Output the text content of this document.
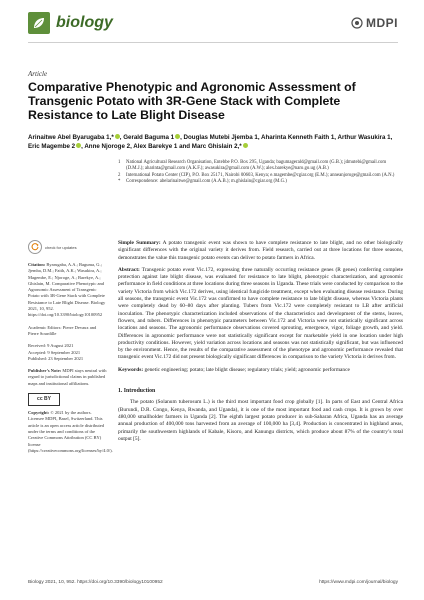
biology	MDPI
Article
Comparative Phenotypic and Agronomic Assessment of Transgenic Potato with 3R-Gene Stack with Complete Resistance to Late Blight Disease
Arinaitwe Abel Byarugaba 1,* , Gerald Baguma 1 , Douglas Mutebi Jjemba 1, Aharinta Kenneth Faith 1, Arthur Wasukira 1, Eric Magembe 2 , Anne Njoroge 2, Alex Barekye 1 and Marc Ghislain 2,*
1	National Agricultural Research Organisation, Entebbe P.O. Box 295, Uganda; bagumagerald@gmail.com (G.B.); jdmutebi@gmail.com (D.M.J.); aharinta@gmail.com (A.K.F.); awasukira@gmail.com (A.W.); alex.barekye@naro.go.ug (A.B.)
2	International Potato Center (CIP), P.O. Box 25171, Nairobi 00603, Kenya; e.magembe@cgiar.org (E.M.); anneanjoroge@gmail.com (A.N.)
*	Correspondence: abelarinaitwe@gmail.com (A.A.B.); m.ghislain@cgiar.org (M.G.)
check for updates
Citation: Byarugaba, A.A.; Baguma, G.; Jjemba, D.M.; Faith, A.K.; Wasukira, A.; Magembe, E.; Njoroge, A.; Barekye, A.; Ghislain, M. Comparative Phenotypic and Agronomic Assessment of Transgenic Potato with 3R-Gene Stack with Complete Resistance to Late Blight Disease. Biology 2021, 10, 952. https://doi.org/10.3390/biology10100952
Academic Editors: Pierre Devaux and Pierre Sourdille
Received: 9 August 2021
Accepted: 9 September 2021
Published: 23 September 2021
Publisher’s Note: MDPI stays neutral with regard to jurisdictional claims in published maps and institutional affiliations.
cc BY
Copyright: © 2021 by the authors. Licensee MDPI, Basel, Switzerland. This article is an open access article distributed under the terms and conditions of the Creative Commons Attribution (CC BY) license (https://creativecommons.org/licenses/by/4.0/).

Simple Summary: A potato transgenic event was shown to have complete resistance to late blight, and no other biologically significant differences with the original variety it derives from. Field research, carried out at three locations for three seasons, demonstrates the value this transgenic potato events can deliver to potato farmers in Africa.

Abstract: Transgenic potato event Vic.172, expressing three naturally occurring resistance genes (R genes) conferring complete protection against late blight disease, was evaluated for resistance to late blight, phenotypic characterization, and agronomic performance in field conditions at three locations during three seasons in Uganda. These trials were conducted by comparison to the variety Victoria from which Vic.172 derives, using identical fungicide treatment, except when evaluating disease resistance. During all seasons, the transgenic event Vic.172 was confirmed to have complete resistance to late blight disease, whereas Victoria plants were completely dead by 60–80 days after planting. Tubers from Vic.172 were completely resistant to LB after artificial inoculation. The phenotypic characterization included observations of the characteristics and development of the stems, leaves, flowers, and tubers. Differences in phenotypic parameters between Vic.172 and Victoria were not statistically significant across locations and seasons. The agronomic performance observations covered sprouting, emergence, vigor, foliage growth, and yield. Differences in agronomic performance were not statistically significant except for marketable yield in one location under high productivity conditions. However, yield variation across locations and seasons was not statistically significant, but was influenced by the environment. Hence, the results of the comparative assessment of the phenotype and agronomic performance revealed that transgenic event Vic.172 did not present biologically significant differences in comparison to the variety Victoria it derives from.

Keywords: genetic engineering; potato; late blight disease; regulatory trials; yield; agronomic performance

1. Introduction

The potato (Solanum tuberosum L.) is the third most important food crop globally [1]. In parts of East and Central Africa (Burundi, D.R. Congo, Kenya, Rwanda, and Uganda), it is one of the most important food and cash crops. It is grown by over 480,000 smallholder farmers in Uganda [2]. The eighth largest potato producer in sub-Saharan Africa, Uganda has an average annual production of 400,000 tons harvested from an average of 100,000 ha [3,4]. Production is concentrated in highland areas, primarily the southwestern highlands of Kabale, Kisoro, and Kanungu districts, which produce about 87% of the country’s total output [5].

Biology 2021, 10, 952. https://doi.org/10.3390/biology10100952	https://www.mdpi.com/journal/biology
